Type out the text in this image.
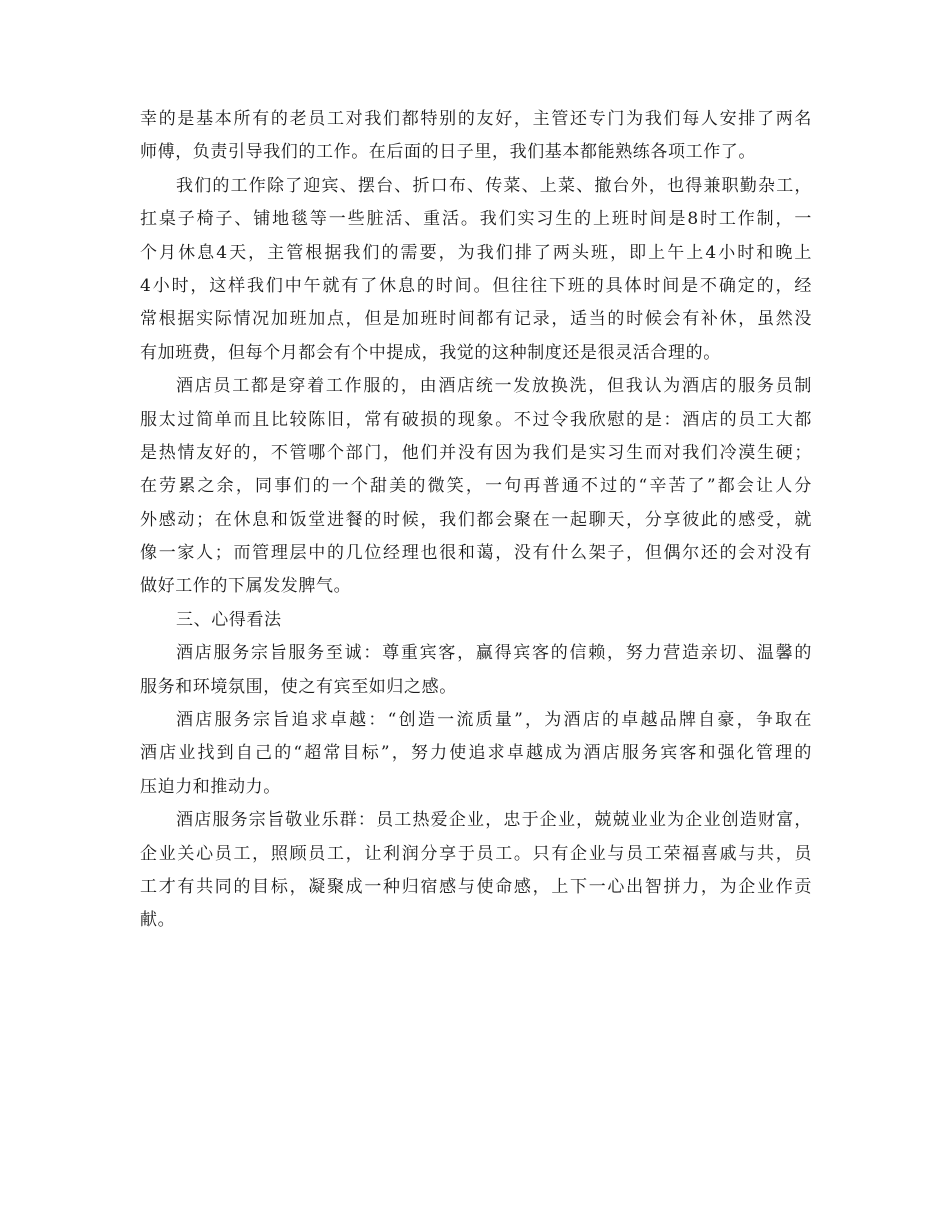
幸的是基本所有的老员工对我们都特别的友好，主管还专门为我们每人安排了两名
师傅，负责引导我们的工作。在后面的日子里，我们基本都能熟练各项工作了。
我们的工作除了迎宾、摆台、折口布、传菜、上菜、撤台外，也得兼职勤杂工，
扛桌子椅子、铺地毯等一些脏活、重活。我们实习生的上班时间是8时工作制，一
个月休息4天，主管根据我们的需要，为我们排了两头班，即上午上4小时和晚上
4小时，这样我们中午就有了休息的时间。但往往下班的具体时间是不确定的，经
常根据实际情况加班加点，但是加班时间都有记录，适当的时候会有补休，虽然没
有加班费，但每个月都会有个中提成，我觉的这种制度还是很灵活合理的。
酒店员工都是穿着工作服的，由酒店统一发放换洗，但我认为酒店的服务员制
服太过简单而且比较陈旧，常有破损的现象。不过令我欣慰的是：酒店的员工大都
是热情友好的，不管哪个部门，他们并没有因为我们是实习生而对我们冷漠生硬；
在劳累之余，同事们的一个甜美的微笑，一句再普通不过的“辛苦了”都会让人分
外感动；在休息和饭堂进餐的时候，我们都会聚在一起聊天，分享彼此的感受，就
像一家人；而管理层中的几位经理也很和蔼，没有什么架子，但偶尔还的会对没有
做好工作的下属发发脾气。
三、心得看法
酒店服务宗旨服务至诚：尊重宾客，赢得宾客的信赖，努力营造亲切、温馨的
服务和环境氛围，使之有宾至如归之感。
酒店服务宗旨追求卓越：“创造一流质量”，为酒店的卓越品牌自豪，争取在
酒店业找到自己的“超常目标”，努力使追求卓越成为酒店服务宾客和强化管理的
压迫力和推动力。
酒店服务宗旨敬业乐群：员工热爱企业，忠于企业，兢兢业业为企业创造财富，
企业关心员工，照顾员工，让利润分享于员工。只有企业与员工荣福喜戚与共，员
工才有共同的目标，凝聚成一种归宿感与使命感，上下一心出智拼力，为企业作贡
献。
